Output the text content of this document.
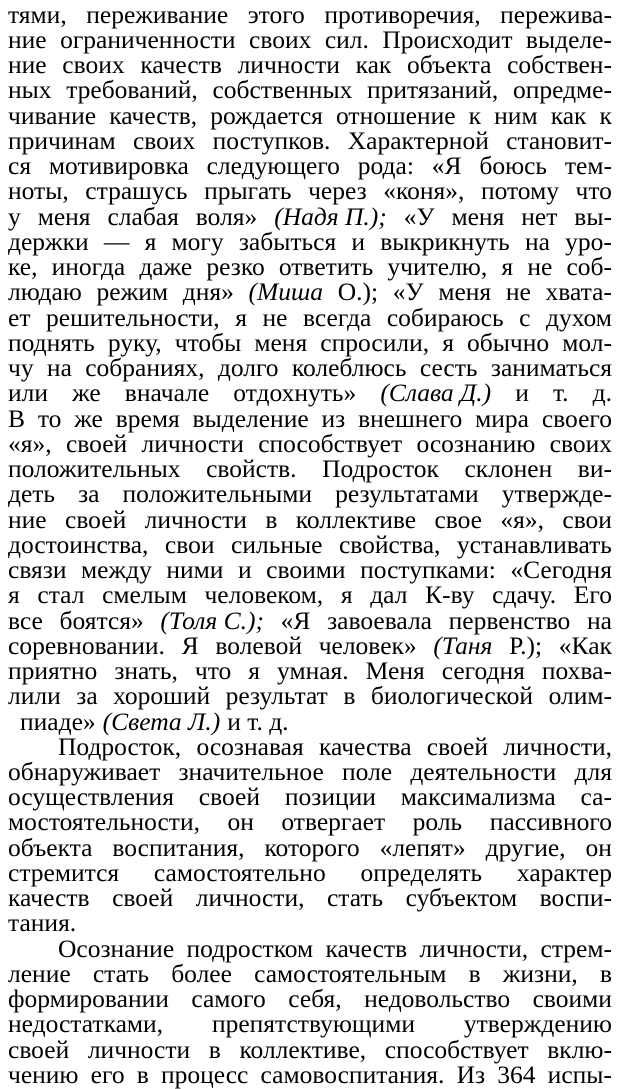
тями, переживание этого противоречия, пережива-
ние ограниченности своих сил. Происходит выделе-
ние своих качеств личности как объекта собствен-
ных требований, собственных притязаний, опредме-
чивание качеств, рождается отношение к ним как к
причинам своих поступков. Характерной становит-
ся мотивировка следующего рода: «Я боюсь тем-
ноты, страшусь прыгать через «коня», потому что
у меня слабая воля» (Надя П.); «У меня нет вы-
держки — я могу забыться и выкрикнуть на уро-
ке, иногда даже резко ответить учителю, я не соб-
людаю режим дня» (Миша О.); «У меня не хвата-
ет решительности, я не всегда собираюсь с духом
поднять руку, чтобы меня спросили, я обычно мол-
чу на собраниях, долго колеблюсь сесть заниматься
или же вначале отдохнуть» (Слава Д.) и т. д.
В то же время выделение из внешнего мира своего
«я», своей личности способствует осознанию своих
положительных свойств. Подросток склонен ви-
деть за положительными результатами утвержде-
ние своей личности в коллективе свое «я», свои
достоинства, свои сильные свойства, устанавливать
связи между ними и своими поступками: «Сегодня
я стал смелым человеком, я дал К-ву сдачу. Его
все боятся» (Толя С.); «Я завоевала первенство на
соревновании. Я волевой человек» (Таня Р.); «Как
приятно знать, что я умная. Меня сегодня похва-
лили за хороший результат в биологической олим-
пиаде» (Света Л.) и т. д.
Подросток, осознавая качества своей личности,
обнаруживает значительное поле деятельности для
осуществления своей позиции максимализма са-
мостоятельности, он отвергает роль пассивного
объекта воспитания, которого «лепят» другие, он
стремится самостоятельно определять характер
качеств своей личности, стать субъектом воспи-
тания.
Осознание подростком качеств личности, стрем-
ление стать более самостоятельным в жизни, в
формировании самого себя, недовольство своими
недостатками, препятствующими утверждению
своей личности в коллективе, способствует вклю-
чению его в процесс самовоспитания. Из 364 испы-
